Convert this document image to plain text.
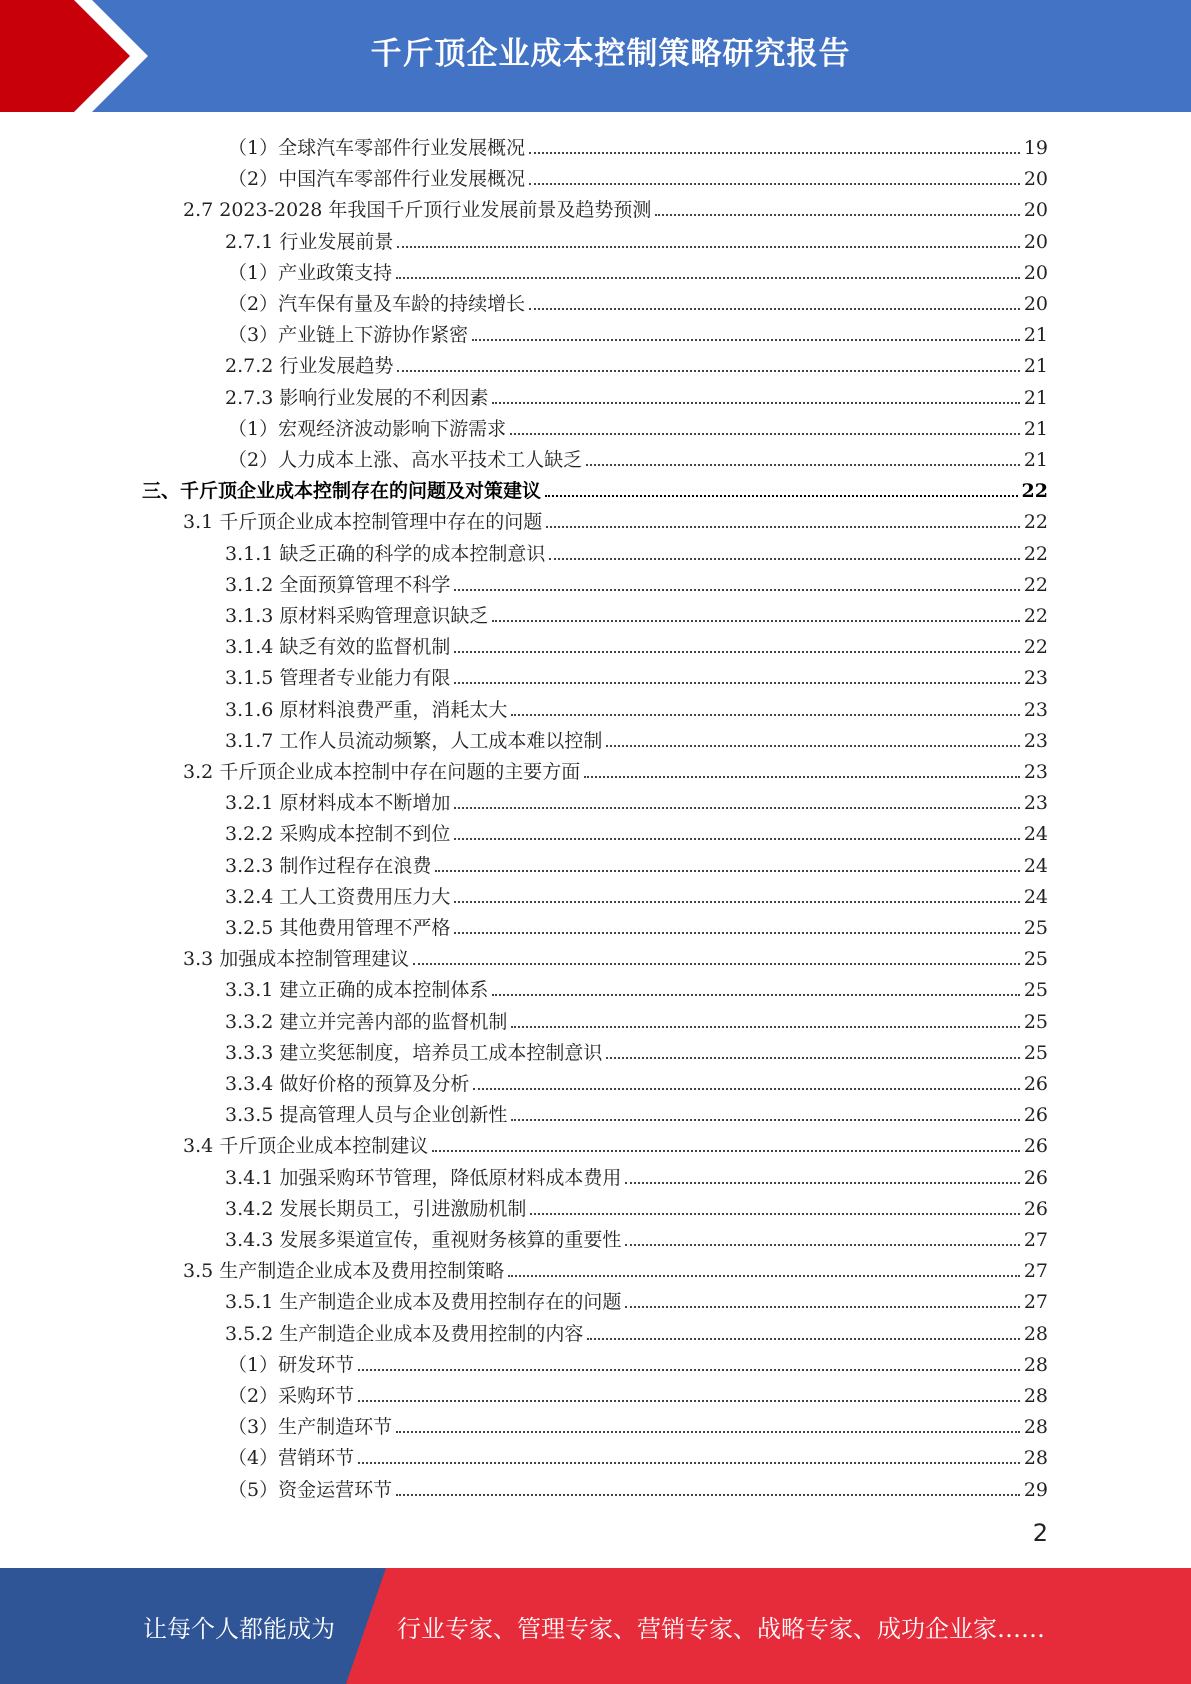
千斤顶企业成本控制策略研究报告
（1）全球汽车零部件行业发展概况	19
（2）中国汽车零部件行业发展概况	20
2.7 2023-2028 年我国千斤顶行业发展前景及趋势预测	20
2.7.1 行业发展前景	20
（1）产业政策支持	20
（2）汽车保有量及车龄的持续增长	20
（3）产业链上下游协作紧密	21
2.7.2 行业发展趋势	21
2.7.3 影响行业发展的不利因素	21
（1）宏观经济波动影响下游需求	21
（2）人力成本上涨、高水平技术工人缺乏	21
三、千斤顶企业成本控制存在的问题及对策建议	22
3.1 千斤顶企业成本控制管理中存在的问题	22
3.1.1 缺乏正确的科学的成本控制意识	22
3.1.2 全面预算管理不科学	22
3.1.3 原材料采购管理意识缺乏	22
3.1.4 缺乏有效的监督机制	22
3.1.5 管理者专业能力有限	23
3.1.6 原材料浪费严重，消耗太大	23
3.1.7 工作人员流动频繁，人工成本难以控制	23
3.2 千斤顶企业成本控制中存在问题的主要方面	23
3.2.1 原材料成本不断增加	23
3.2.2 采购成本控制不到位	24
3.2.3 制作过程存在浪费	24
3.2.4 工人工资费用压力大	24
3.2.5 其他费用管理不严格	25
3.3 加强成本控制管理建议	25
3.3.1 建立正确的成本控制体系	25
3.3.2 建立并完善内部的监督机制	25
3.3.3 建立奖惩制度，培养员工成本控制意识	25
3.3.4 做好价格的预算及分析	26
3.3.5 提高管理人员与企业创新性	26
3.4 千斤顶企业成本控制建议	26
3.4.1 加强采购环节管理，降低原材料成本费用	26
3.4.2 发展长期员工，引进激励机制	26
3.4.3 发展多渠道宣传，重视财务核算的重要性	27
3.5 生产制造企业成本及费用控制策略	27
3.5.1 生产制造企业成本及费用控制存在的问题	27
3.5.2 生产制造企业成本及费用控制的内容	28
（1）研发环节	28
（2）采购环节	28
（3）生产制造环节	28
（4）营销环节	28
（5）资金运营环节	29
2
让每个人都能成为	行业专家、管理专家、营销专家、战略专家、成功企业家……
